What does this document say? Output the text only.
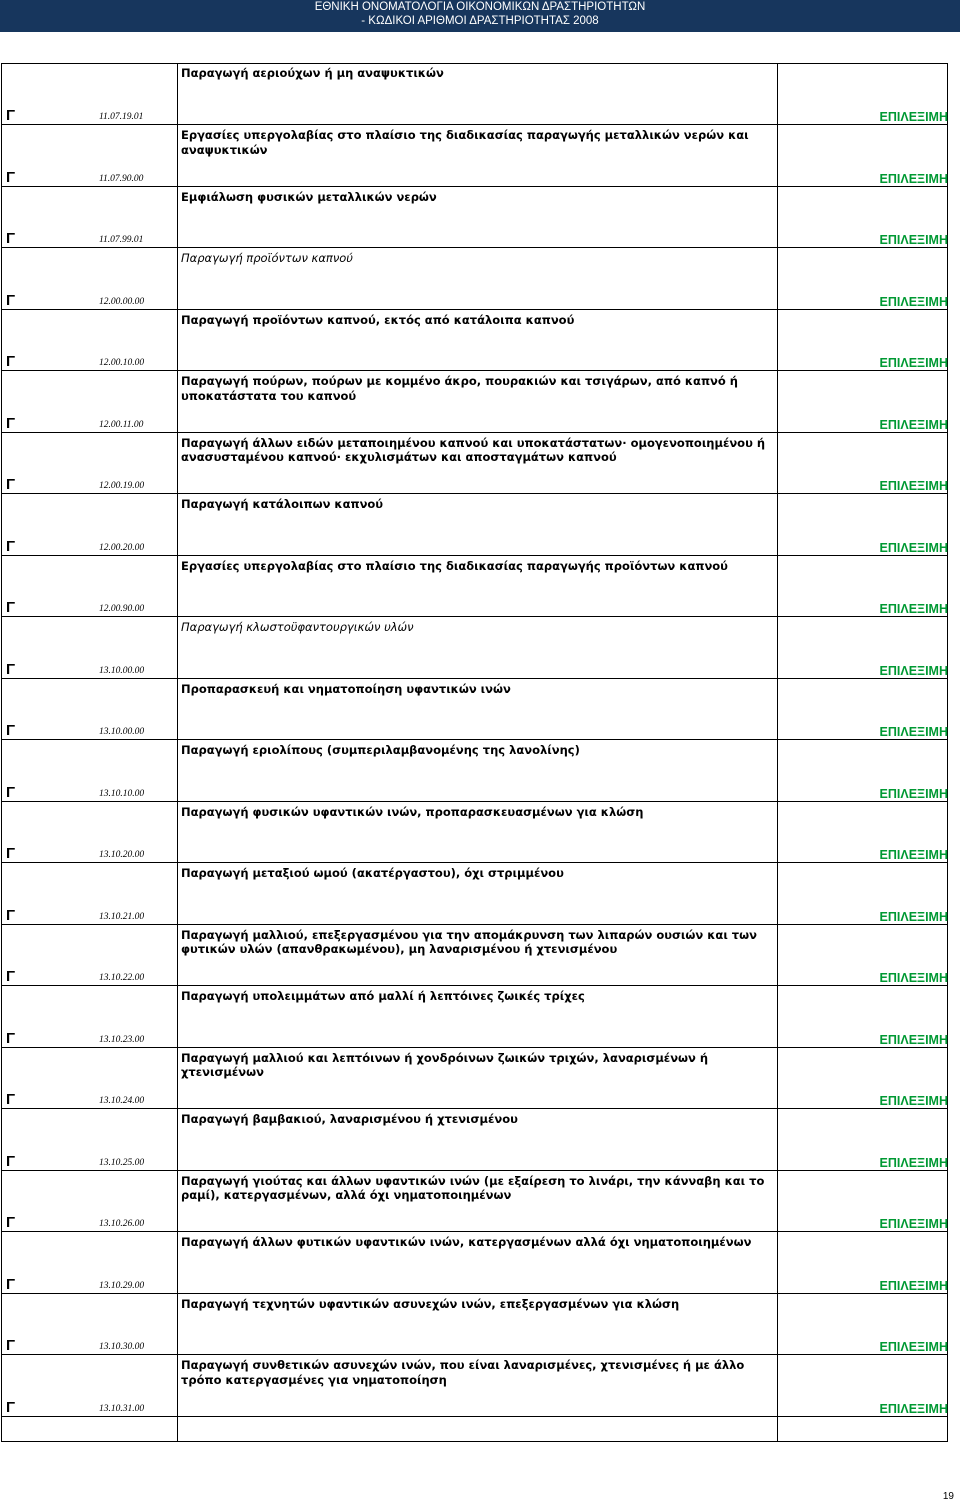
ΕΘΝΙΚΗ ΟΝΟΜΑΤΟΛΟΓΙΑ ΟΙΚΟΝΟΜΙΚΩΝ ΔΡΑΣΤΗΡΙΟΤΗΤΩΝ
- ΚΩΔΙΚΟΙ ΑΡΙΘΜΟΙ ΔΡΑΣΤΗΡΙΟΤΗΤΑΣ 2008
Παραγωγή αεριούχων ή μη αναψυκτικών
Γ	11.07.19.01	ΕΠΙΛΕΞΙΜΗ
Εργασίες υπεργολαβίας στο πλαίσιο της διαδικασίας παραγωγής μεταλλικών νερών και αναψυκτικών
Γ	11.07.90.00	ΕΠΙΛΕΞΙΜΗ
Εμφιάλωση φυσικών μεταλλικών νερών
Γ	11.07.99.01	ΕΠΙΛΕΞΙΜΗ
Παραγωγή προϊόντων καπνού
Γ	12.00.00.00	ΕΠΙΛΕΞΙΜΗ
Παραγωγή προϊόντων καπνού, εκτός από κατάλοιπα καπνού
Γ	12.00.10.00	ΕΠΙΛΕΞΙΜΗ
Παραγωγή πούρων, πούρων με κομμένο άκρο, πουρακιών και τσιγάρων, από καπνό ή υποκατάστατα του καπνού
Γ	12.00.11.00	ΕΠΙΛΕΞΙΜΗ
Παραγωγή άλλων ειδών μεταποιημένου καπνού και υποκατάστατων· ομογενοποιημένου ή ανασυσταμένου καπνού· εκχυλισμάτων και αποσταγμάτων καπνού
Γ	12.00.19.00	ΕΠΙΛΕΞΙΜΗ
Παραγωγή κατάλοιπων καπνού
Γ	12.00.20.00	ΕΠΙΛΕΞΙΜΗ
Εργασίες υπεργολαβίας στο πλαίσιο της διαδικασίας παραγωγής προϊόντων καπνού
Γ	12.00.90.00	ΕΠΙΛΕΞΙΜΗ
Παραγωγή κλωστοϋφαντουργικών υλών
Γ	13.10.00.00	ΕΠΙΛΕΞΙΜΗ
Προπαρασκευή και νηματοποίηση υφαντικών ινών
Γ	13.10.00.00	ΕΠΙΛΕΞΙΜΗ
Παραγωγή εριολίπους (συμπεριλαμβανομένης της λανολίνης)
Γ	13.10.10.00	ΕΠΙΛΕΞΙΜΗ
Παραγωγή φυσικών υφαντικών ινών, προπαρασκευασμένων για κλώση
Γ	13.10.20.00	ΕΠΙΛΕΞΙΜΗ
Παραγωγή μεταξιού ωμού (ακατέργαστου), όχι στριμμένου
Γ	13.10.21.00	ΕΠΙΛΕΞΙΜΗ
Παραγωγή μαλλιού, επεξεργασμένου για την απομάκρυνση των λιπαρών ουσιών και των φυτικών υλών (απανθρακωμένου), μη λαναρισμένου ή χτενισμένου
Γ	13.10.22.00	ΕΠΙΛΕΞΙΜΗ
Παραγωγή υπολειμμάτων από μαλλί ή λεπτόινες ζωικές τρίχες
Γ	13.10.23.00	ΕΠΙΛΕΞΙΜΗ
Παραγωγή μαλλιού και λεπτόινων ή χονδρόινων ζωικών τριχών, λαναρισμένων ή χτενισμένων
Γ	13.10.24.00	ΕΠΙΛΕΞΙΜΗ
Παραγωγή βαμβακιού, λαναρισμένου ή χτενισμένου
Γ	13.10.25.00	ΕΠΙΛΕΞΙΜΗ
Παραγωγή γιούτας και άλλων υφαντικών ινών (με εξαίρεση το λινάρι, την κάνναβη και το ραμί), κατεργασμένων, αλλά όχι νηματοποιημένων
Γ	13.10.26.00	ΕΠΙΛΕΞΙΜΗ
Παραγωγή άλλων φυτικών υφαντικών ινών, κατεργασμένων αλλά όχι νηματοποιημένων
Γ	13.10.29.00	ΕΠΙΛΕΞΙΜΗ
Παραγωγή τεχνητών υφαντικών ασυνεχών ινών, επεξεργασμένων για κλώση
Γ	13.10.30.00	ΕΠΙΛΕΞΙΜΗ
Παραγωγή συνθετικών ασυνεχών ινών, που είναι λαναρισμένες, χτενισμένες ή με άλλο τρόπο κατεργασμένες για νηματοποίηση
Γ	13.10.31.00	ΕΠΙΛΕΞΙΜΗ
19
